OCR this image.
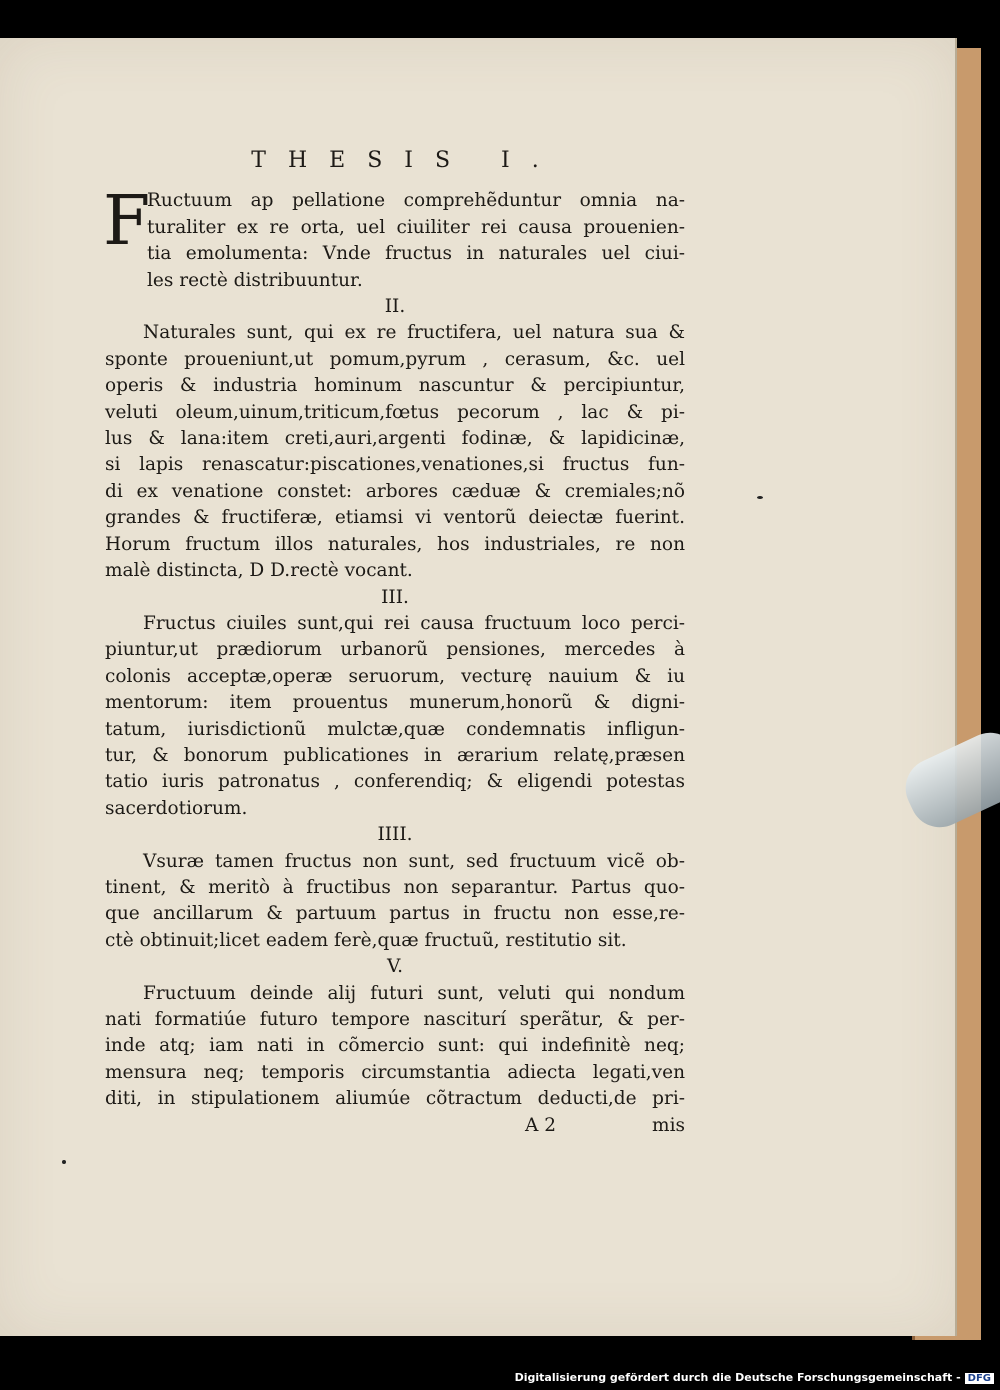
THESIS I.
F
Ructuum ap pellatione comprehẽduntur omnia na-
turaliter ex re orta, uel ciuiliter rei causa prouenien-
tia emolumenta: Vnde fructus in naturales uel ciui-
les rectè distribuuntur.
II.
Naturales sunt, qui ex re fructifera, uel natura sua &
sponte proueniunt,ut pomum,pyrum , cerasum, &c. uel
operis & industria hominum nascuntur & percipiuntur,
veluti oleum,uinum,triticum,fœtus pecorum , lac & pi-
lus & lana:item creti,auri,argenti fodinæ, & lapidicinæ,
si lapis renascatur:piscationes,venationes,si fructus fun-
di ex venatione constet: arbores cæduæ & cremiales;nõ
grandes & fructiferæ, etiamsi vi ventorũ deiectæ fuerint.
Horum fructum illos naturales, hos industriales, re non
malè distincta, D D.rectè vocant.
III.
Fructus ciuiles sunt,qui rei causa fructuum loco perci-
piuntur,ut prædiorum urbanorũ pensiones, mercedes à
colonis acceptæ,operæ seruorum, vecturę nauium & iu
mentorum: item prouentus munerum,honorũ & digni-
tatum, iurisdictionũ mulctæ,quæ condemnatis infligun-
tur, & bonorum publicationes in ærarium relatę,præsen
tatio iuris patronatus , conferendiq; & eligendi potestas
sacerdotiorum.
IIII.
Vsuræ tamen fructus non sunt, sed fructuum vicẽ ob-
tinent, & meritò à fructibus non separantur. Partus quo-
que ancillarum & partuum partus in fructu non esse,re-
ctè obtinuit;licet eadem ferè,quæ fructuũ, restitutio sit.
V.
Fructuum deinde alij futuri sunt, veluti qui nondum
nati formatiúe futuro tempore nasciturí sperãtur, & per-
inde atq; iam nati in cõmercio sunt: qui indefinitè neq;
mensura neq; temporis circumstantia adiecta legati,ven
diti, in stipulationem aliumúe cõtractum deducti,de pri-
A 2	mis
Digitalisierung gefördert durch die Deutsche Forschungsgemeinschaft - DFG
